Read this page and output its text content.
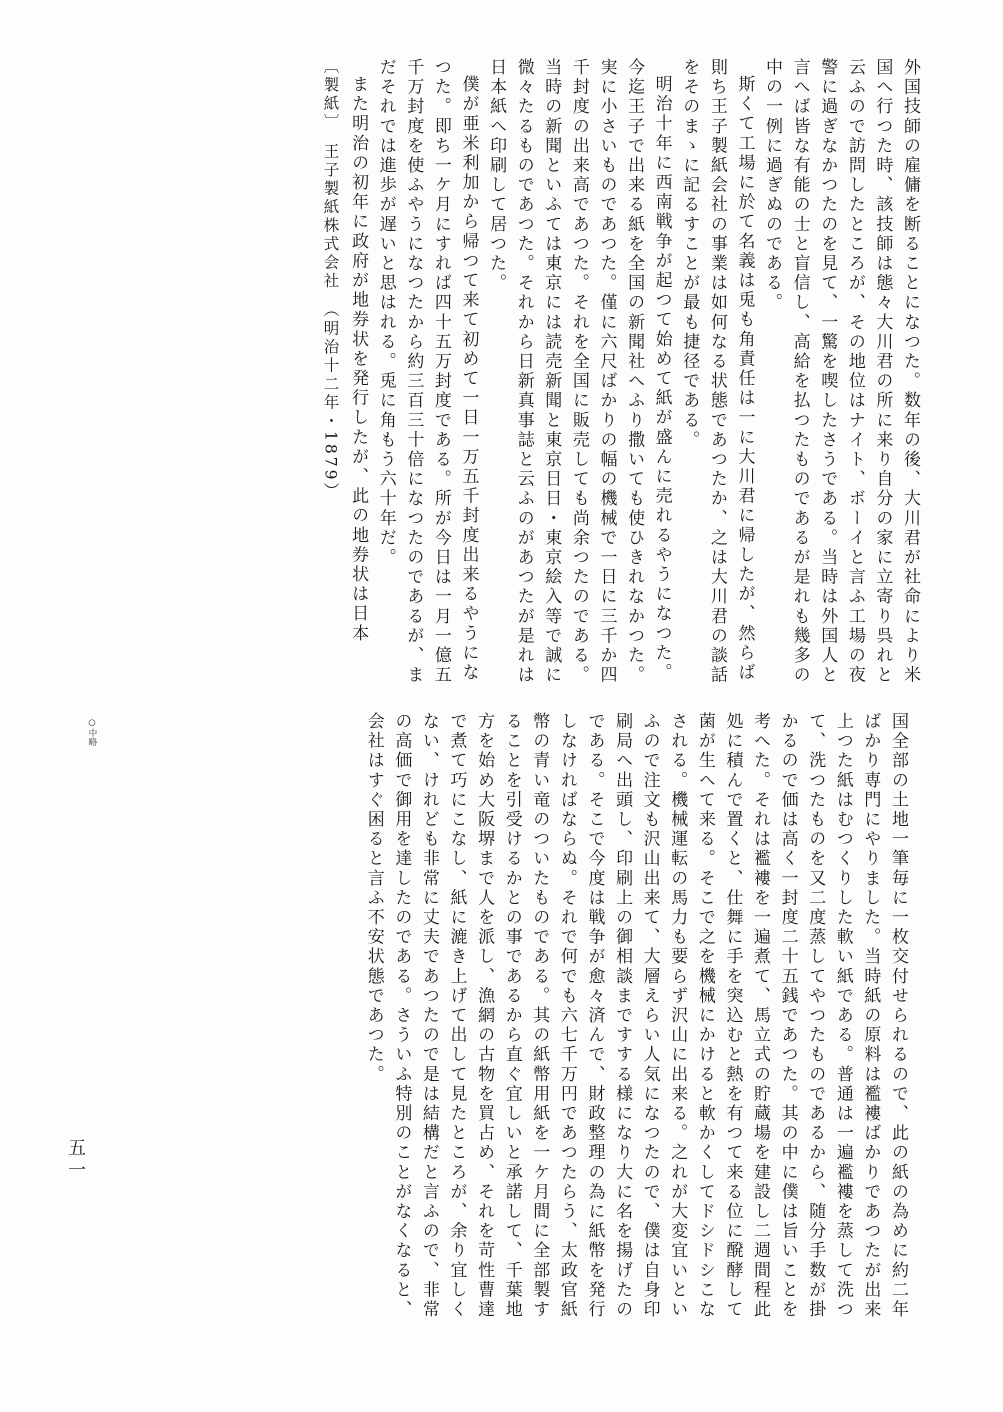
外国技師の雇傭を断ることになつた。数年の後、大川君が社命により米国へ行つた時、該技師は態々大川君の所に来り自分の家に立寄り呉れと云ふので訪問したところが、その地位はナイト、ボーイと言ふ工場の夜警に過ぎなかつたのを見て、一驚を喫したさうである。当時は外国人と言へば皆な有能の士と盲信し、高給を払つたものであるが是れも幾多の中の一例に過ぎぬのである。

斯くて工場に於て名義は兎も角責任は一に大川君に帰したが、然らば則ち王子製紙会社の事業は如何なる状態であつたか、之は大川君の談話をそのまゝに記るすことが最も捷径である。

明治十年に西南戦争が起つて始めて紙が盛んに売れるやうになつた。今迄王子で出来る紙を全国の新聞社へふり撒いても使ひきれなかつた。実に小さいものであつた。僅に六尺ばかりの幅の機械で一日に三千か四千封度の出来高であつた。それを全国に販売しても尚余つたのである。当時の新聞といふては東京には読売新聞と東京日日・東京絵入等で誠に微々たるものであつた。それから日新真事誌と云ふのがあつたが是れは日本紙へ印刷して居つた。

僕が亜米利加から帰つて来て初めて一日一万五千封度出来るやうになつた。即ち一ケ月にすれば四十五万封度である。所が今日は一月一億五千万封度を使ふやうになつたから約三百三十倍になつたのであるが、まだそれでは進歩が遅いと思はれる。兎に角もう六十年だ。

また明治の初年に政府が地券状を発行したが、此の地券状は日本

〔製紙〕　王子製紙株式会社　（明治十二年・1879）

国全部の土地一筆毎に一枚交付せられるので、此の紙の為めに約二年ばかり専門にやりました。当時紙の原料は襤褸ばかりであつたが出来上つた紙はむつくりした軟い紙である。普通は一遍襤褸を蒸して洗つて、洗つたものを又二度蒸してやつたものであるから、随分手数が掛かるので価は高く一封度二十五銭であつた。其の中に僕は旨いことを考へた。それは襤褸を一遍煮て、馬立式の貯蔵場を建設し二週間程此処に積んで置くと、仕舞に手を突込むと熱を有つて来る位に醗酵して菌が生へて来る。そこで之を機械にかけると軟かくしてドシドシこなされる。機械運転の馬力も要らず沢山に出来る。之れが大変宜いといふので注文も沢山出来て、大層えらい人気になつたので、僕は自身印刷局へ出頭し、印刷上の御相談まですする様になり大に名を揚げたのである。そこで今度は戦争が愈々済んで、財政整理の為に紙幣を発行しなければならぬ。それで何でも六七千万円であつたらう、太政官紙幣の青い竜のついたものである。其の紙幣用紙を一ケ月間に全部製することを引受けるかとの事であるから直ぐ宜しいと承諾して、千葉地方を始め大阪堺まで人を派し、漁網の古物を買占め、それを苛性曹達で煮て巧にこなし、紙に漉き上げて出して見たところが、余り宜しくない、けれども非常に丈夫であつたので是は結構だと言ふので、非常の高価で御用を達したのである。さういふ特別のことがなくなると、会社はすぐ困ると言ふ不安状態であつた。

○中略
五一
